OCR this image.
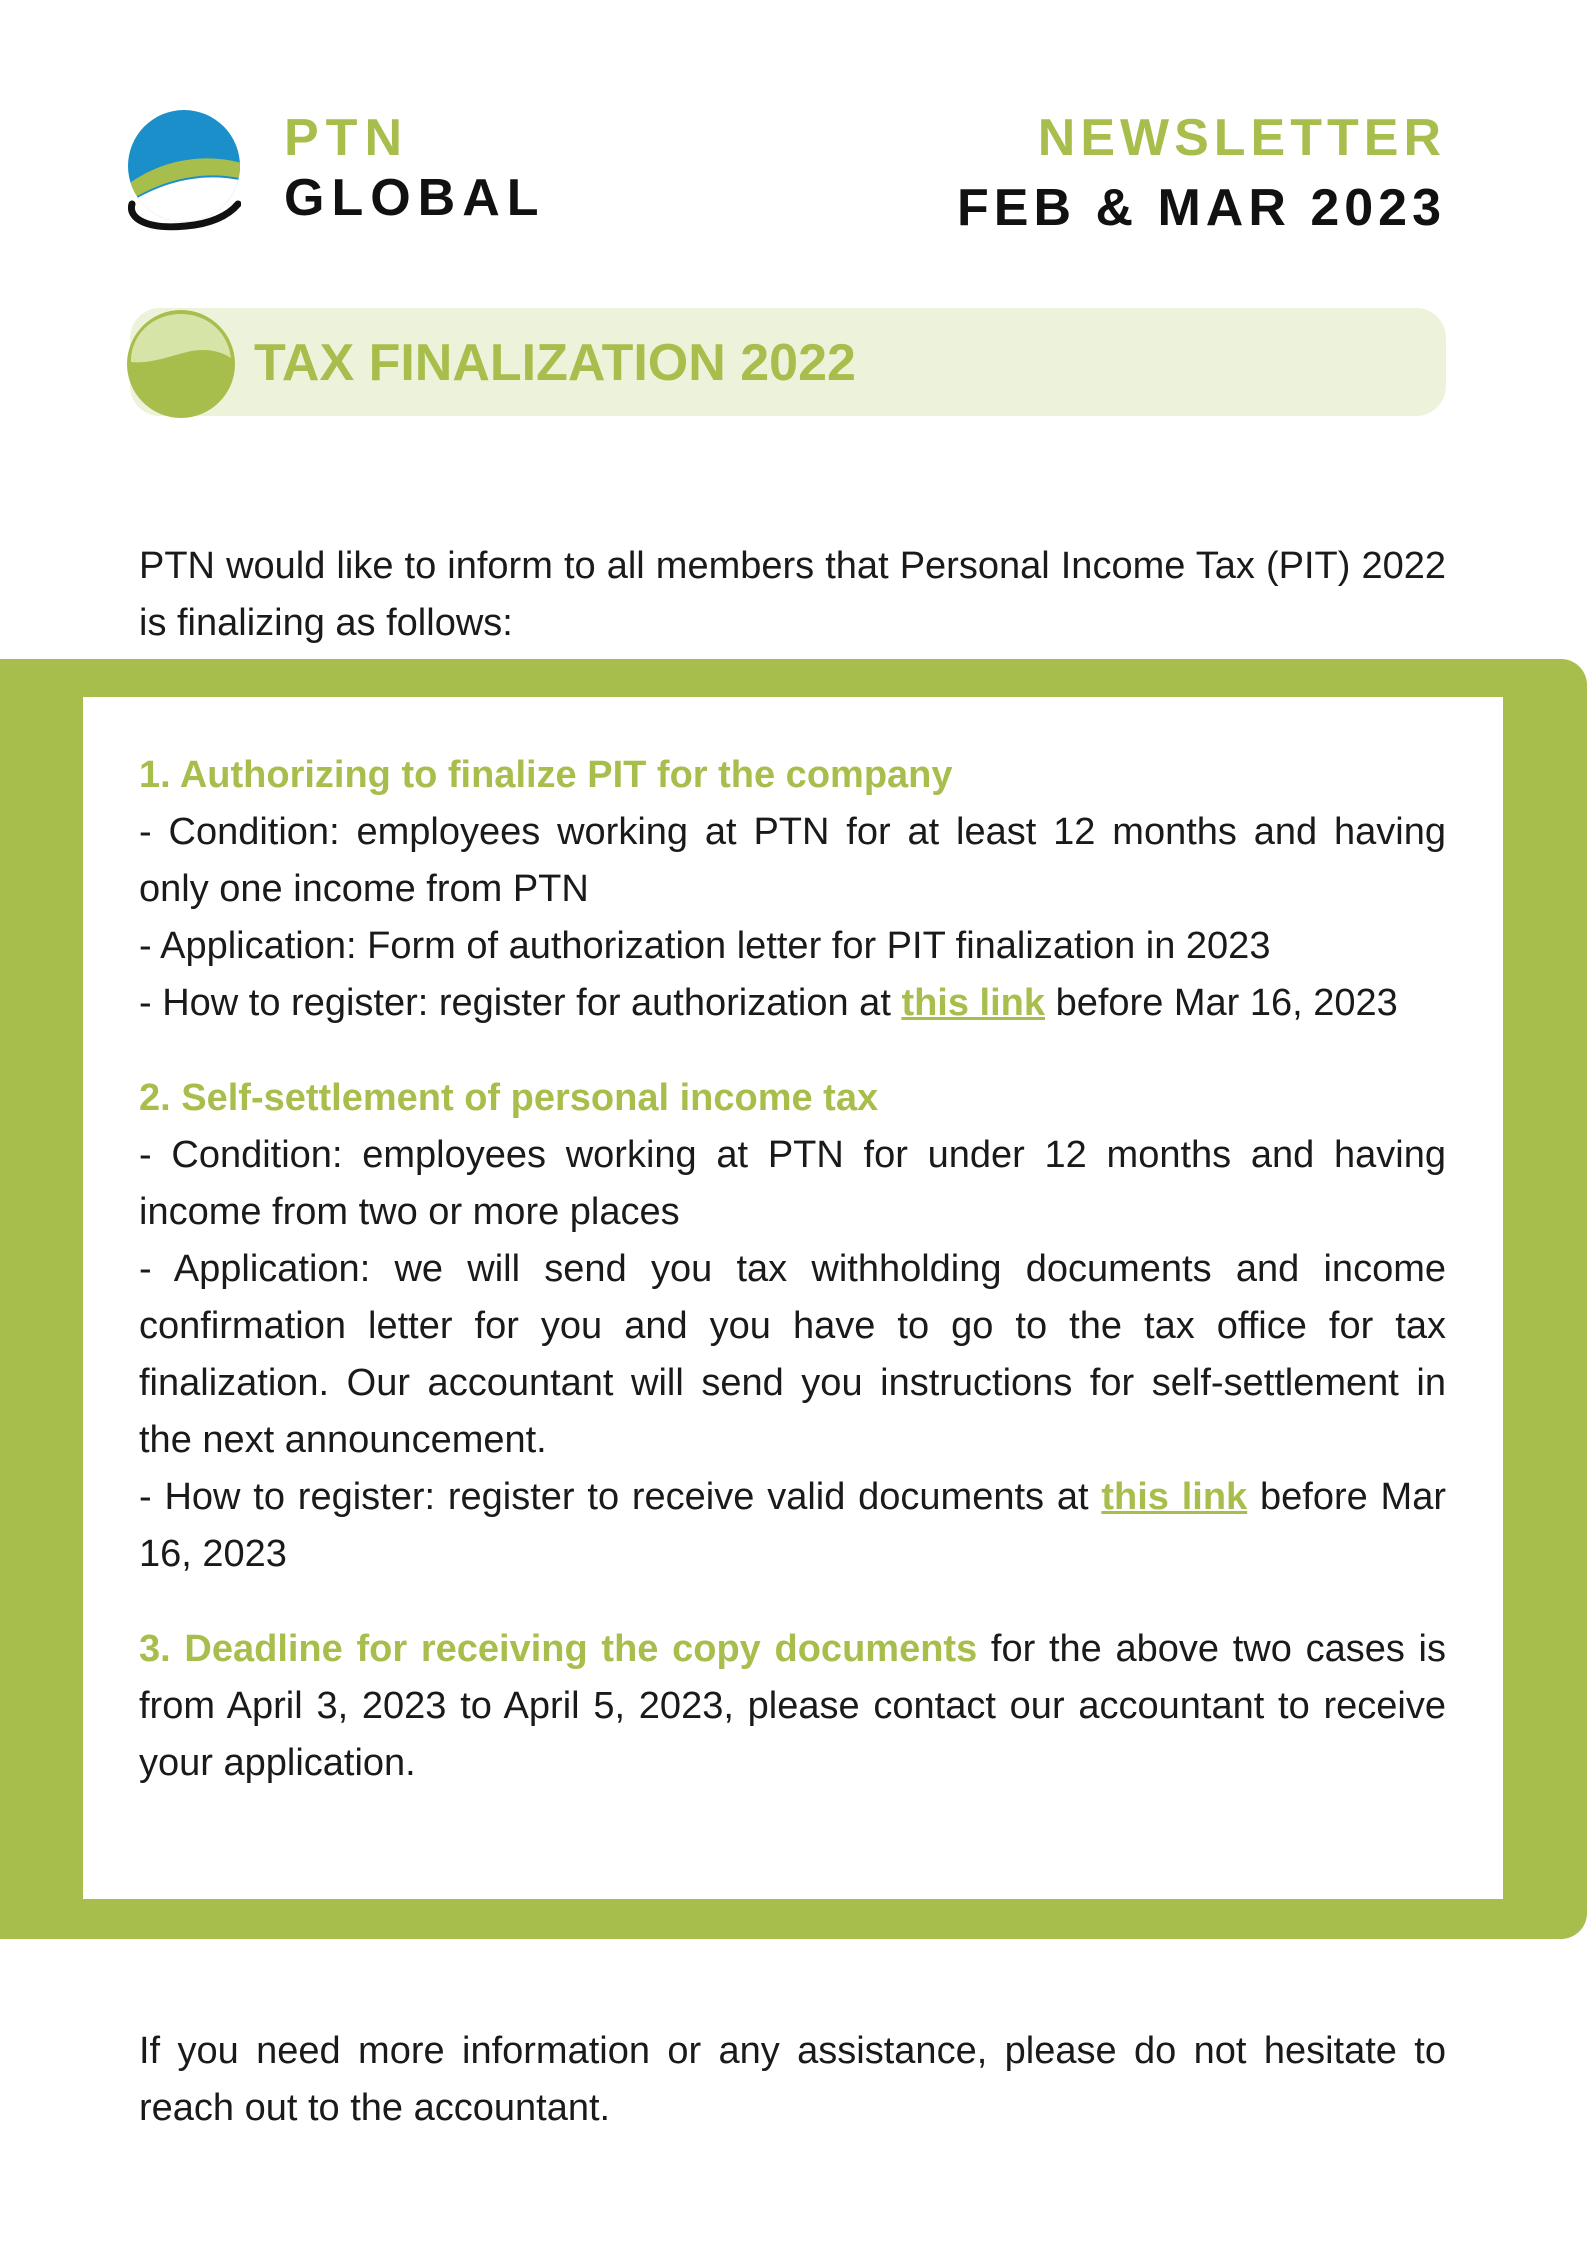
PTN
GLOBAL
NEWSLETTER
FEB & MAR 2023
TAX FINALIZATION 2022

PTN would like to inform to all members that Personal Income Tax (PIT) 2022 is finalizing as follows:

1. Authorizing to finalize PIT for the company

- Condition: employees working at PTN for at least 12 months and having only one income from PTN

- Application: Form of authorization letter for PIT finalization in 2023

- How to register: register for authorization at this link before Mar 16, 2023

2. Self-settlement of personal income tax

- Condition: employees working at PTN for under 12 months and having income from two or more places

- Application: we will send you tax withholding documents and income confirmation letter for you and you have to go to the tax office for tax finalization. Our accountant will send you instructions for self-settlement in the next announcement.

- How to register: register to receive valid documents at this link before Mar 16, 2023

3. Deadline for receiving the copy documents for the above two cases is from April 3, 2023 to April 5, 2023, please contact our accountant to receive your application.

If you need more information or any assistance, please do not hesitate to reach out to the accountant.
